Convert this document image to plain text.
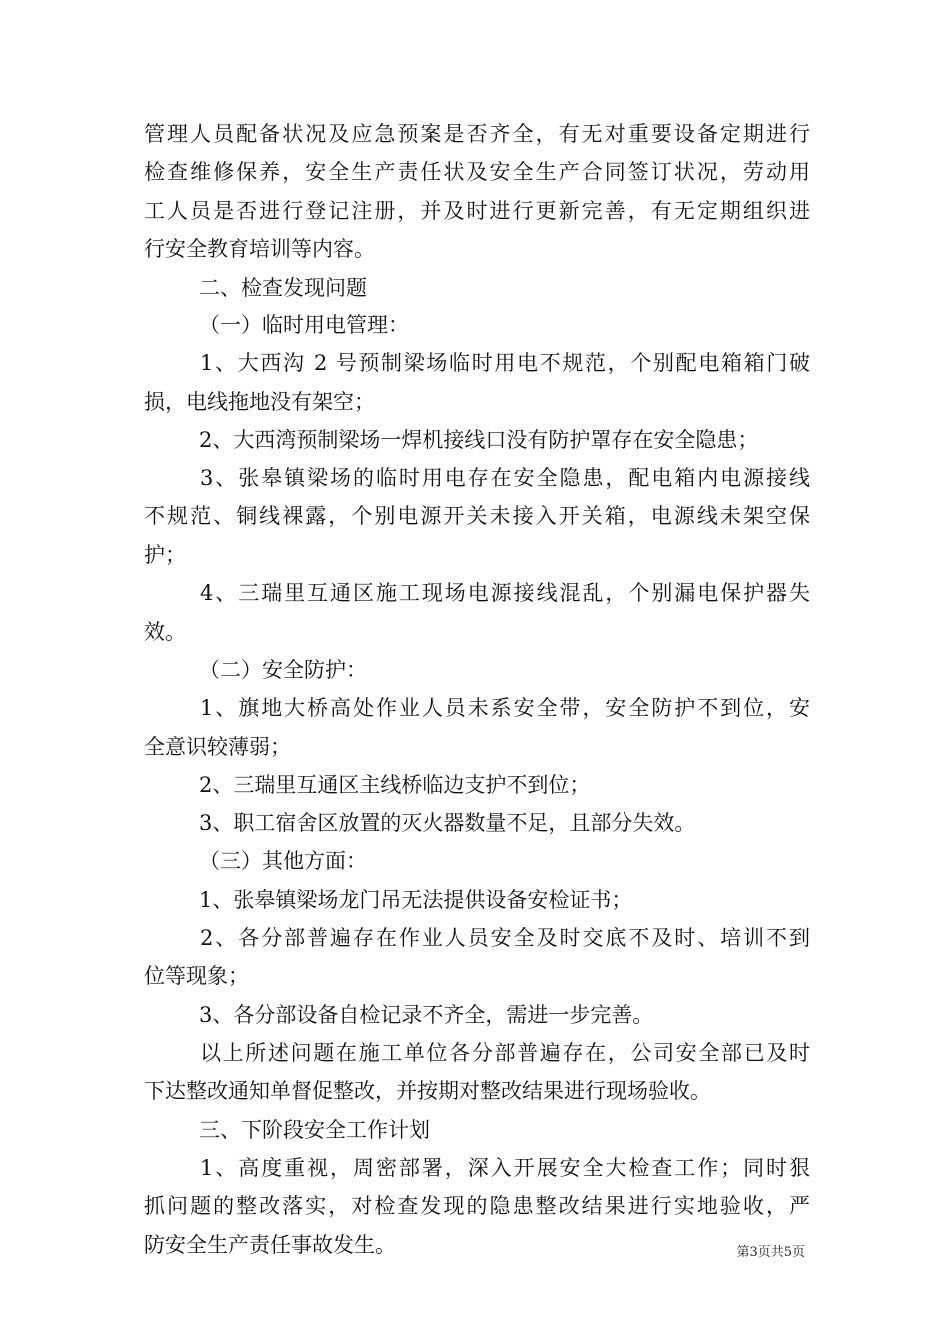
管理人员配备状况及应急预案是否齐全，有无对重要设备定期进行
检查维修保养，安全生产责任状及安全生产合同签订状况，劳动用
工人员是否进行登记注册，并及时进行更新完善，有无定期组织进
行安全教育培训等内容。
二、检查发现问题
（一）临时用电管理：
1、大西沟 2 号预制梁场临时用电不规范，个别配电箱箱门破
损，电线拖地没有架空；
2、大西湾预制梁场一焊机接线口没有防护罩存在安全隐患；
3、张皋镇梁场的临时用电存在安全隐患，配电箱内电源接线
不规范、铜线裸露，个别电源开关未接入开关箱，电源线未架空保
护；
4、三瑞里互通区施工现场电源接线混乱，个别漏电保护器失
效。
（二）安全防护：
1、旗地大桥高处作业人员未系安全带，安全防护不到位，安
全意识较薄弱；
2、三瑞里互通区主线桥临边支护不到位；
3、职工宿舍区放置的灭火器数量不足，且部分失效。
（三）其他方面：
1、张皋镇梁场龙门吊无法提供设备安检证书；
2、各分部普遍存在作业人员安全及时交底不及时、培训不到
位等现象；
3、各分部设备自检记录不齐全，需进一步完善。
以上所述问题在施工单位各分部普遍存在，公司安全部已及时
下达整改通知单督促整改，并按期对整改结果进行现场验收。
三、下阶段安全工作计划
1、高度重视，周密部署，深入开展安全大检查工作；同时狠
抓问题的整改落实，对检查发现的隐患整改结果进行实地验收，严
防安全生产责任事故发生。	第3页共5页
